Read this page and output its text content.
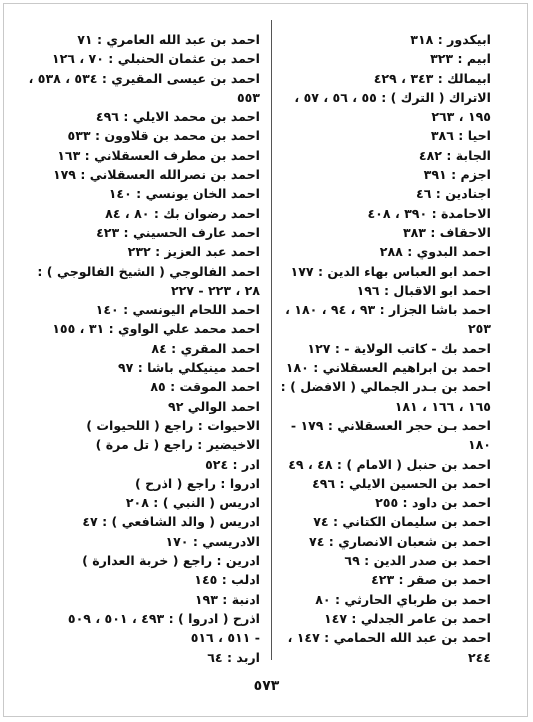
ابيكدور : ٣١٨
ابيم : ٣٢٣
ابيمالك : ٣٤٣ ، ٤٢٩
الاتراك ( الترك ) : ٥٥ ، ٥٦ ، ٥٧ ،
١٩٥ ، ٢٦٣
احيا : ٣٨٦
الجابة : ٤٨٢
اجزم : ٣٩١
اجنادين : ٤٦
الاحامدة : ٣٩٠ ، ٤٠٨
الاحقاف : ٣٨٣
احمد البدوي : ٢٨٨
احمد ابو العباس بهاء الدين : ١٧٧
احمد ابو الاقبال : ١٩٦
احمد باشا الجزار : ٩٣ ، ٩٤ ، ١٨٠ ،
٢٥٣
احمد بك - كاتب الولاية - : ١٢٧
احمد بن ابراهيم العسقلاني : ١٨٠
احمد بن بـدر الجمالي ( الافضل ) :
١٦٥ ، ١٦٦ ، ١٨١
احمد بـن حجر العسقلاني : ١٧٩ -
١٨٠
احمد بن حنبل ( الامام ) : ٤٨ ، ٤٩
احمد بن الحسين الايلي : ٤٩٦
احمد بن داود : ٢٥٥
احمد بن سليمان الكتاني : ٧٤
احمد بن شعبان الانصاري : ٧٤
احمد بن صدر الدين : ٦٩
احمد بن صقر : ٤٢٣
احمد بن طرباي الحارثي : ٨٠
احمد بن عامر الجدلي : ١٤٧
احمد بن عبد الله الحمامي : ١٤٧ ،
٢٤٤
احمد بن عبد الله العامري : ٧١
احمد بن عثمان الحنبلي : ٧٠ ، ١٢٦
احمد بن عيسى المقيري : ٥٣٤ ، ٥٣٨ ،
٥٥٣
احمد بن محمد الايلي : ٤٩٦
احمد بن محمد بن قلاوون : ٥٣٣
احمد بن مطرف العسقلاني : ١٦٣
احمد بن نصرالله العسقلاني : ١٧٩
احمد الخان يونسي : ١٤٠
احمد رضوان بك : ٨٠ ، ٨٤
احمد عارف الحسيني : ٤٢٣
احمد عبد العزيز : ٢٣٢
احمد الفالوجي ( الشيخ الفالوجي ) :
٢٨ ، ٢٢٣ - ٢٢٧
احمد اللحام اليونسي : ١٤٠
احمد محمد علي الواوي : ٣١ ، ١٥٥
احمد المقري : ٨٤
احمد مينيكلي باشا : ٩٧
احمد الموقت : ٨٥
احمد الوالي ٩٢
الاحيوات : راجع ( اللحيوات )
الاخيضير : راجع ( تل مرة )
ادر : ٥٢٤
ادروا : راجع ( اذرح )
ادريس ( النبي ) : ٢٠٨
ادريس ( والد الشافعي ) : ٤٧
الادريسي : ١٧٠
ادرين : راجع ( خربة العدارة )
ادلب : ١٤٥
ادنبة : ١٩٣
اذرح ( ادروا ) : ٤٩٣ ، ٥٠١ ، ٥٠٩
- ٥١١ ، ٥١٦
اربد : ٦٤
٥٧٣
